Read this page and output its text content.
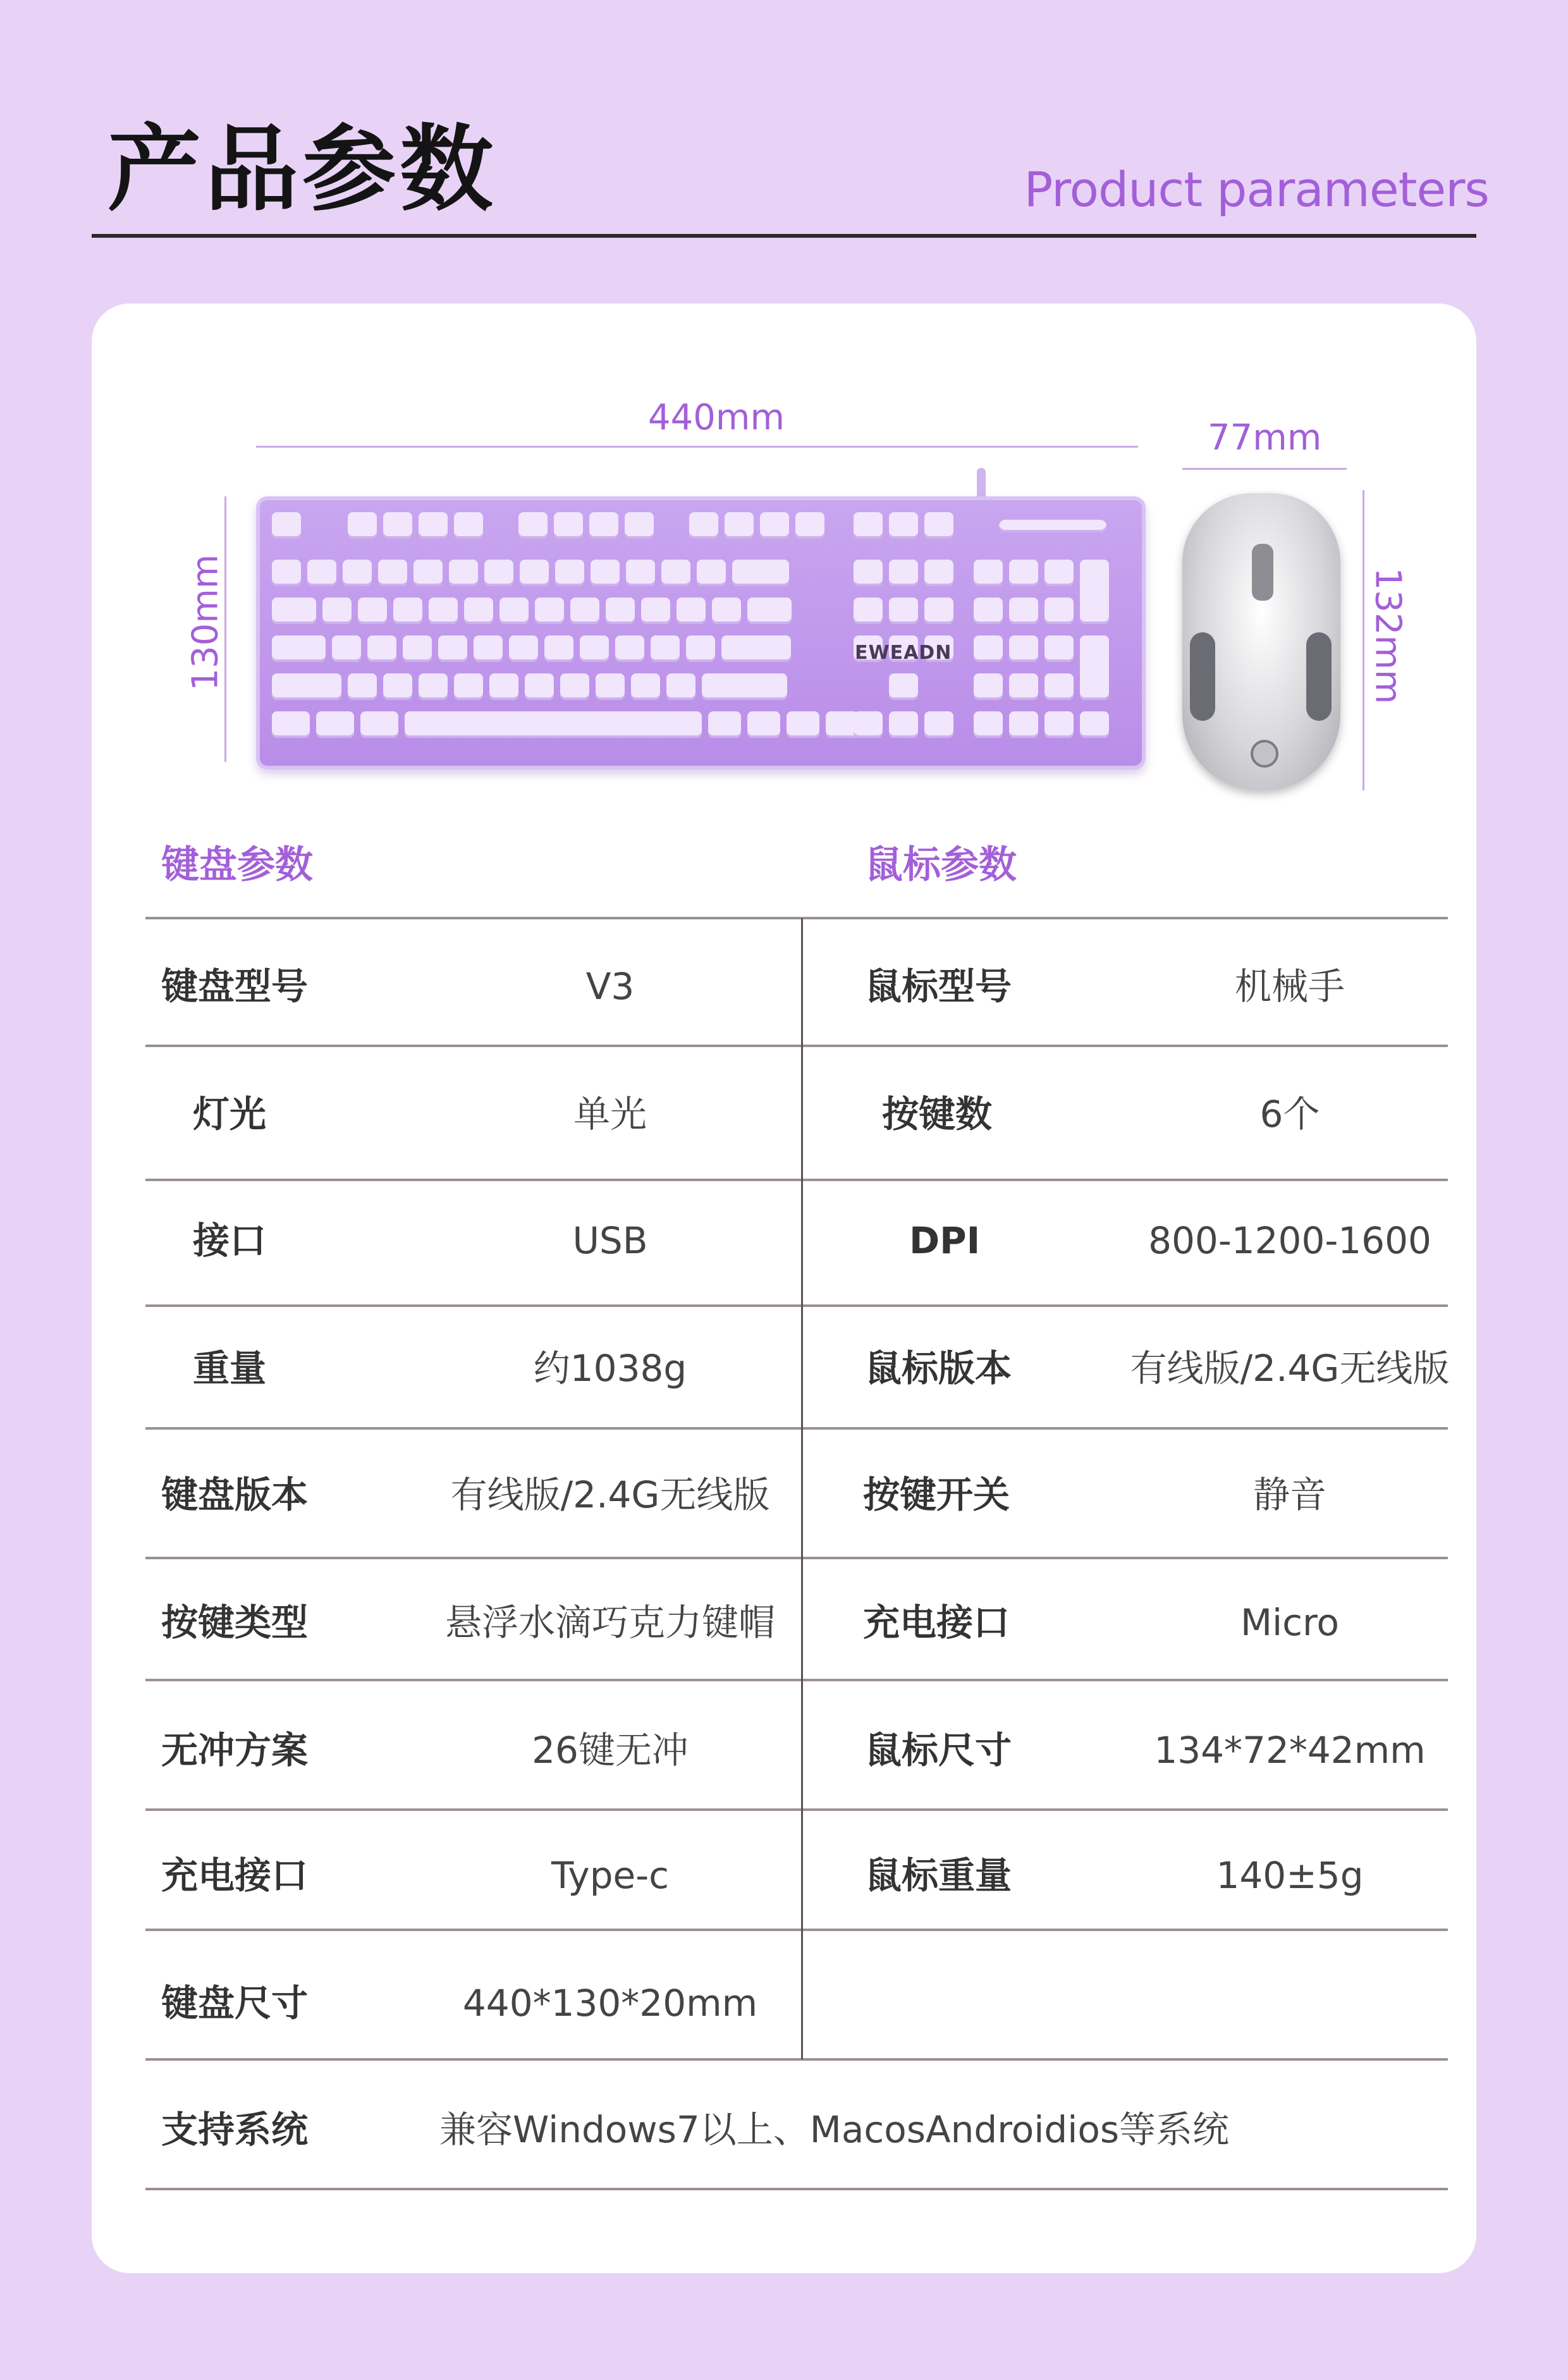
产品参数	Product parameters
440mm
130mm
77mm
132mm
EWEADN
键盘参数	鼠标参数
键盘型号	V3	鼠标型号	机械手
灯光	单光	按键数	6个
接口	USB	DPI	800-1200-1600
重量	约1038g	鼠标版本	有线版/2.4G无线版
键盘版本	有线版/2.4G无线版	按键开关	静音
按键类型	悬浮水滴巧克力键帽	充电接口	Micro
无冲方案	26键无冲	鼠标尺寸	134*72*42mm
充电接口	Type-c	鼠标重量	140±5g
键盘尺寸	440*130*20mm
支持系统	兼容Windows7以上、MacosAndroidios等系统
